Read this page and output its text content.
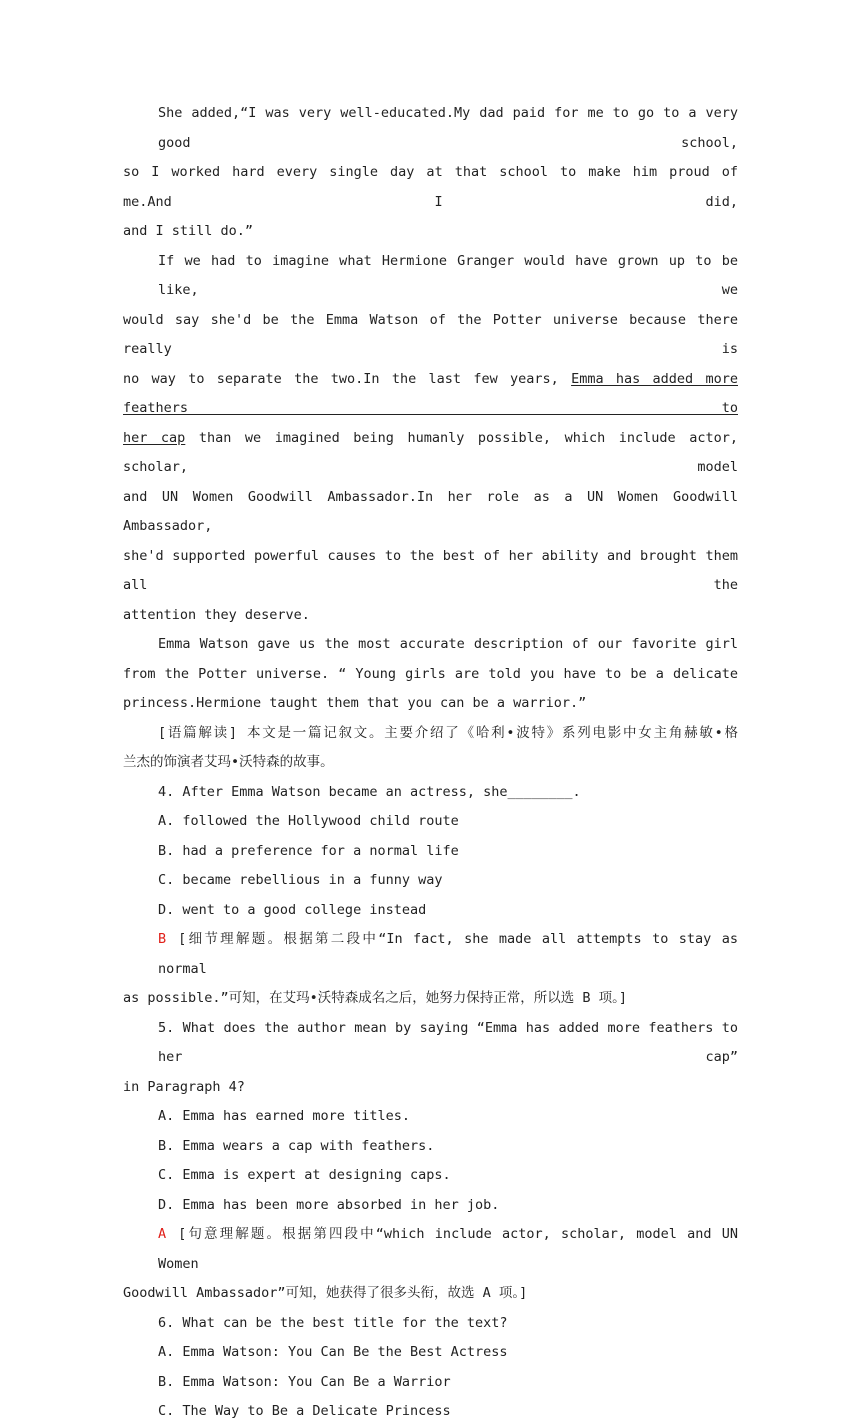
She added,“I was very well-educated.My dad paid for me to go to a very good school,
so I worked hard every single day at that school to make him proud of me.And I did,
and I still do.”
If we had to imagine what Hermione Granger would have grown up to be like, we
would say she'd be the Emma Watson of the Potter universe because there really is
no way to separate the two.In the last few years, Emma has added more feathers to
her cap than we imagined being humanly possible, which include actor, scholar, model
and UN Women Goodwill Ambassador.In her role as a UN Women Goodwill Ambassador,
she'd supported powerful causes to the best of her ability and brought them all the
attention they deserve.
Emma Watson gave us the most accurate description of our favorite girl
from the Potter universe. “ Young girls are told you have to be a delicate
princess.Hermione taught them that you can be a warrior.”
[语篇解读] 本文是一篇记叙文。主要介绍了《哈利•波特》系列电影中女主角赫敏•格
兰杰的饰演者艾玛•沃特森的故事。
4. After Emma Watson became an actress, she________.
A. followed the Hollywood child route
B. had a preference for a normal life
C. became rebellious in a funny way
D. went to a good college instead
B [细节理解题。根据第二段中“In fact, she made all attempts to stay as normal
as possible.”可知，在艾玛•沃特森成名之后，她努力保持正常，所以选 B 项。]
5. What does the author mean by saying “Emma has added more feathers to her cap”
in Paragraph 4?
A. Emma has earned more titles.
B. Emma wears a cap with feathers.
C. Emma is expert at designing caps.
D. Emma has been more absorbed in her job.
A [句意理解题。根据第四段中“which include actor, scholar, model and UN Women
Goodwill Ambassador”可知，她获得了很多头衔，故选 A 项。]
6. What can be the best title for the text?
A. Emma Watson: You Can Be the Best Actress
B. Emma Watson: You Can Be a Warrior
C. The Way to Be a Delicate Princess
